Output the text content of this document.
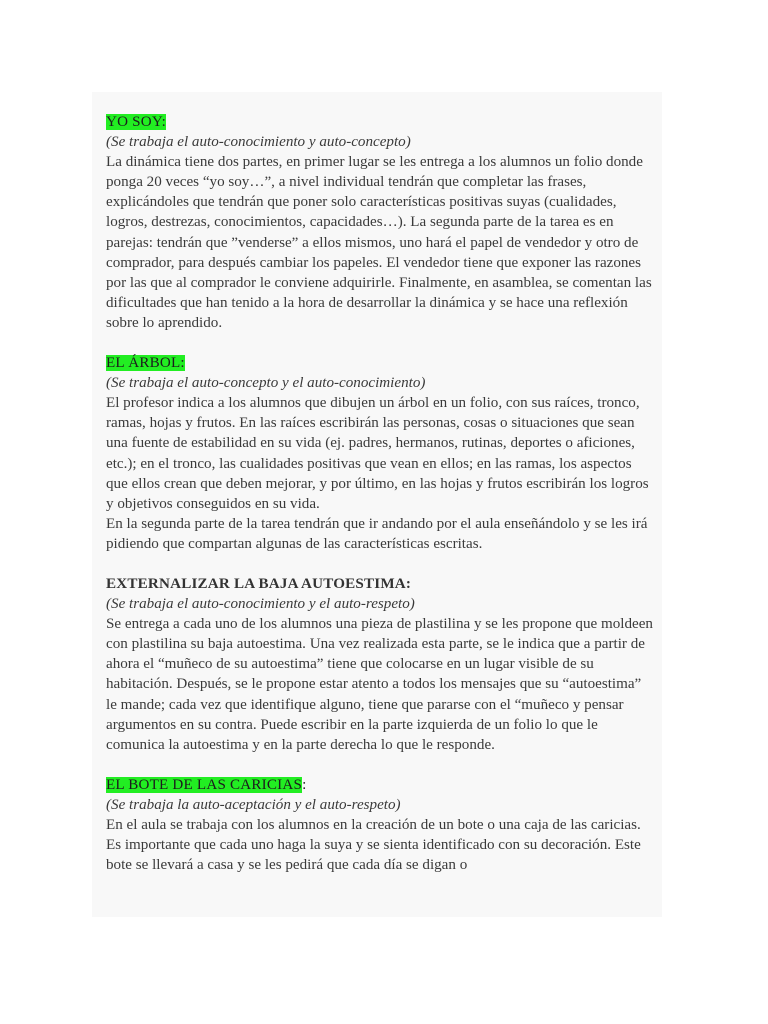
YO SOY:

(Se trabaja el auto-conocimiento y auto-concepto)

La dinámica tiene dos partes, en primer lugar se les entrega a los alumnos un folio donde ponga 20 veces “yo soy…”, a nivel individual tendrán que completar las frases, explicándoles que tendrán que poner solo características positivas suyas (cualidades, logros, destrezas, conocimientos, capacidades…). La segunda parte de la tarea es en parejas: tendrán que ”venderse” a ellos mismos, uno hará el papel de vendedor y otro de comprador, para después cambiar los papeles. El vendedor tiene que exponer las razones por las que al comprador le conviene adquirirle. Finalmente, en asamblea, se comentan las dificultades que han tenido a la hora de desarrollar la dinámica y se hace una reflexión sobre lo aprendido.

EL ÁRBOL:

(Se trabaja el auto-concepto y el auto-conocimiento)

El profesor indica a los alumnos que dibujen un árbol en un folio, con sus raíces, tronco, ramas, hojas y frutos. En las raíces escribirán las personas, cosas o situaciones que sean una fuente de estabilidad en su vida (ej. padres, hermanos, rutinas, deportes o aficiones, etc.); en el tronco, las cualidades positivas que vean en ellos; en las ramas, los aspectos que ellos crean que deben mejorar, y por último, en las hojas y frutos escribirán los logros y objetivos conseguidos en su vida.

En la segunda parte de la tarea tendrán que ir andando por el aula enseñándolo y se les irá pidiendo que compartan algunas de las características escritas.

EXTERNALIZAR LA BAJA AUTOESTIMA:

(Se trabaja el auto-conocimiento y el auto-respeto)

Se entrega a cada uno de los alumnos una pieza de plastilina y se les propone que moldeen con plastilina su baja autoestima. Una vez realizada esta parte, se le indica que a partir de ahora el “muñeco de su autoestima” tiene que colocarse en un lugar visible de su habitación. Después, se le propone estar atento a todos los mensajes que su “autoestima” le mande; cada vez que identifique alguno, tiene que pararse con el “muñeco y pensar argumentos en su contra. Puede escribir en la parte izquierda de un folio lo que le comunica la autoestima y en la parte derecha lo que le responde.

EL BOTE DE LAS CARICIAS:

(Se trabaja la auto-aceptación y el auto-respeto)

En el aula se trabaja con los alumnos en la creación de un bote o una caja de las caricias. Es importante que cada uno haga la suya y se sienta identificado con su decoración. Este bote se llevará a casa y se les pedirá que cada día se digan o
